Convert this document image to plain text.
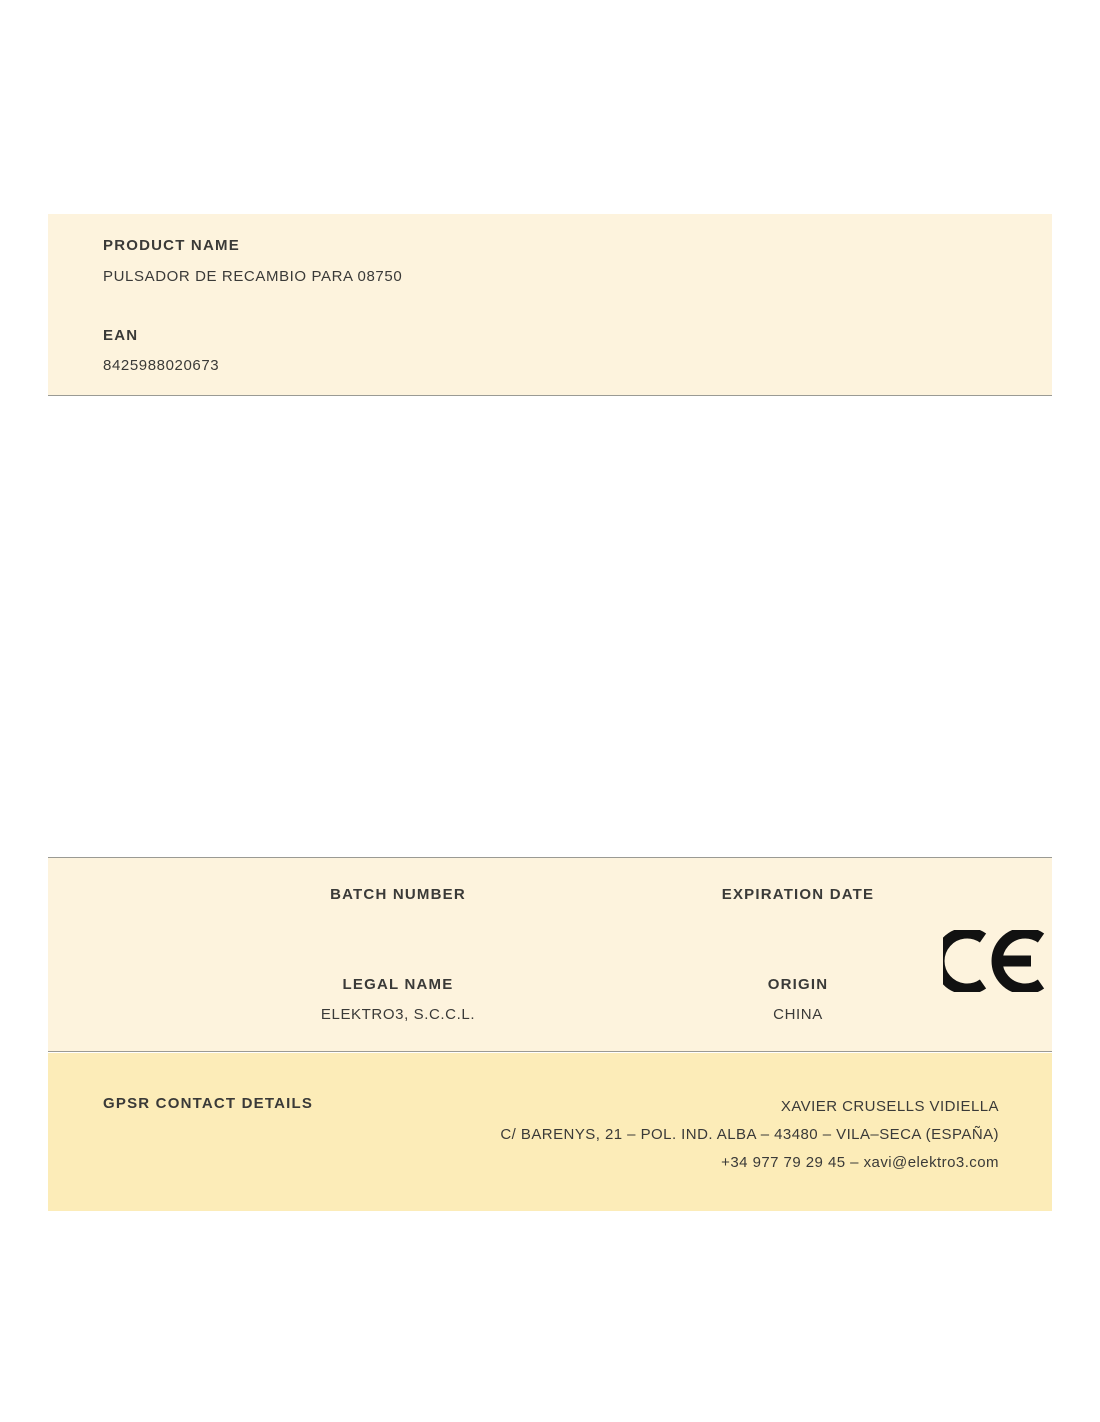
PRODUCT NAME
PULSADOR DE RECAMBIO PARA 08750
EAN
8425988020673
BATCH NUMBER	EXPIRATION DATE
LEGAL NAME
ELEKTRO3, S.C.C.L.
ORIGIN
CHINA
GPSR CONTACT DETAILS	XAVIER CRUSELLS VIDIELLA
C/ BARENYS, 21 – POL. IND. ALBA – 43480 – VILA–SECA (ESPAÑA)
+34 977 79 29 45 – xavi@elektro3.com
